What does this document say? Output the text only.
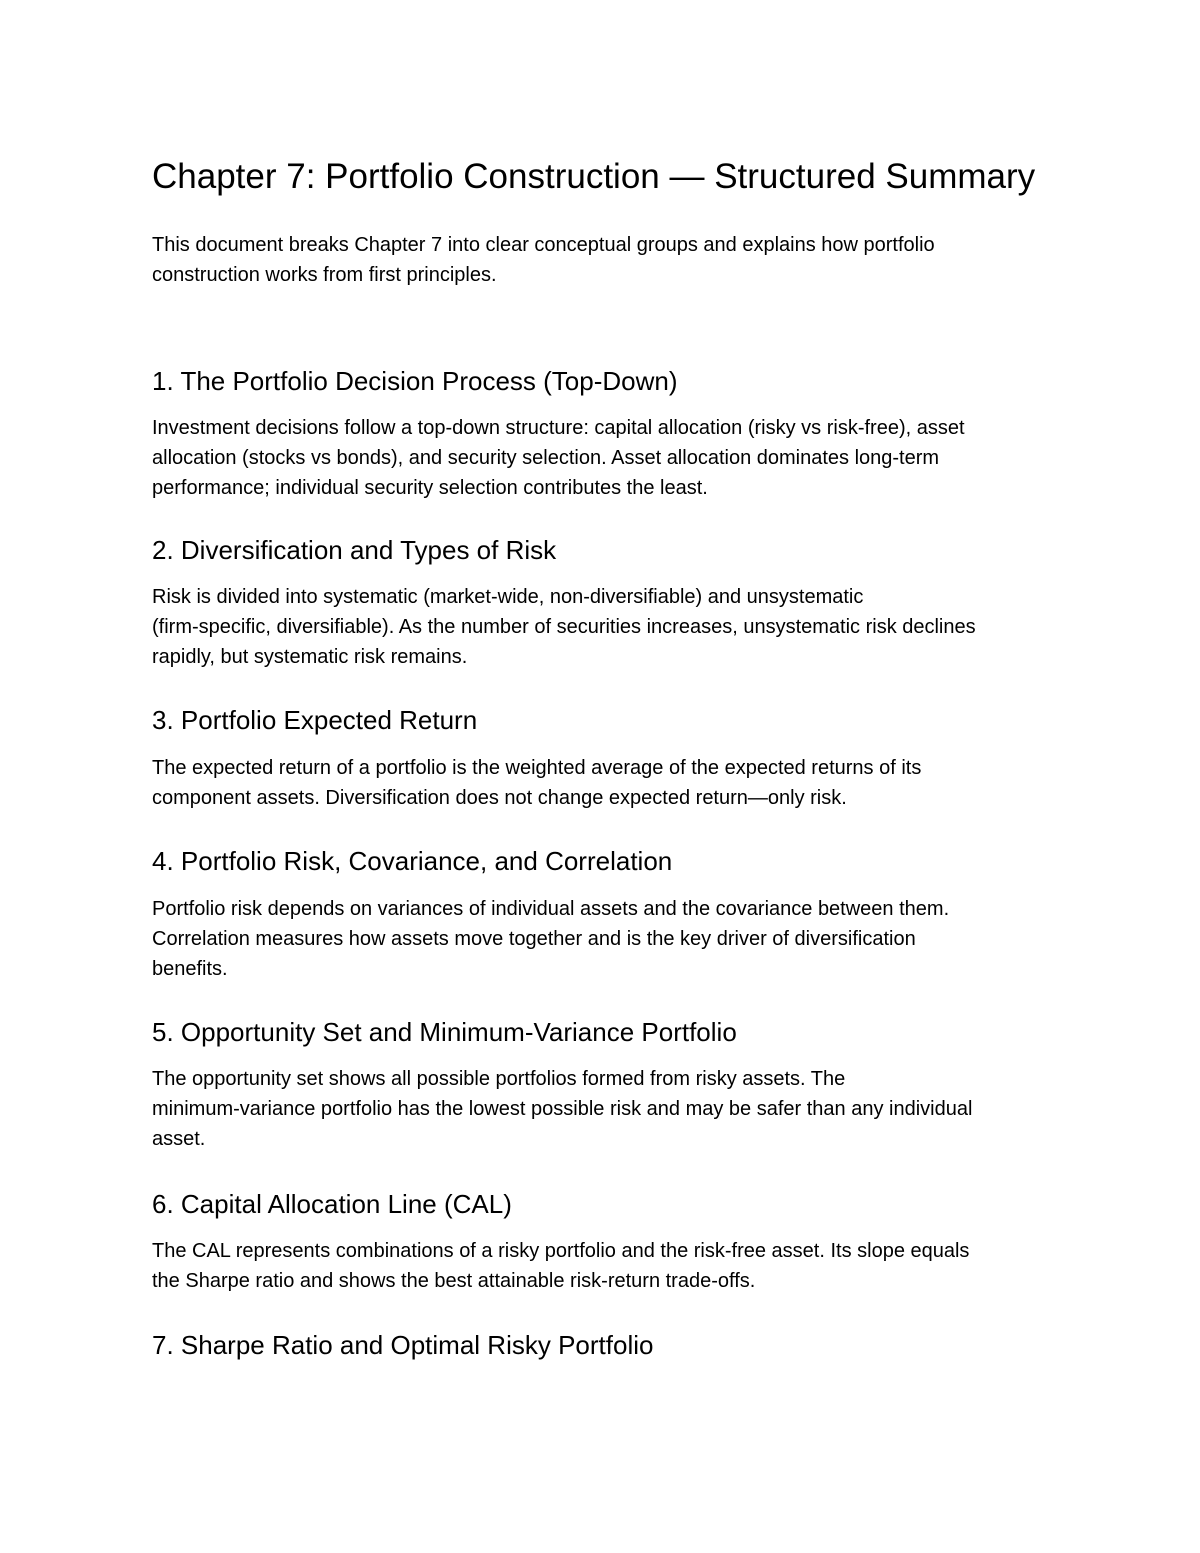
Chapter 7: Portfolio Construction — Structured Summary

This document breaks Chapter 7 into clear conceptual groups and explains how portfolio
construction works from first principles.

1. The Portfolio Decision Process (Top-Down)

Investment decisions follow a top-down structure: capital allocation (risky vs risk-free), asset
allocation (stocks vs bonds), and security selection. Asset allocation dominates long-term
performance; individual security selection contributes the least.

2. Diversification and Types of Risk

Risk is divided into systematic (market-wide, non-diversifiable) and unsystematic
(firm-specific, diversifiable). As the number of securities increases, unsystematic risk declines
rapidly, but systematic risk remains.

3. Portfolio Expected Return

The expected return of a portfolio is the weighted average of the expected returns of its
component assets. Diversification does not change expected return—only risk.

4. Portfolio Risk, Covariance, and Correlation

Portfolio risk depends on variances of individual assets and the covariance between them.
Correlation measures how assets move together and is the key driver of diversification
benefits.

5. Opportunity Set and Minimum-Variance Portfolio

The opportunity set shows all possible portfolios formed from risky assets. The
minimum-variance portfolio has the lowest possible risk and may be safer than any individual
asset.

6. Capital Allocation Line (CAL)

The CAL represents combinations of a risky portfolio and the risk-free asset. Its slope equals
the Sharpe ratio and shows the best attainable risk-return trade-offs.

7. Sharpe Ratio and Optimal Risky Portfolio
